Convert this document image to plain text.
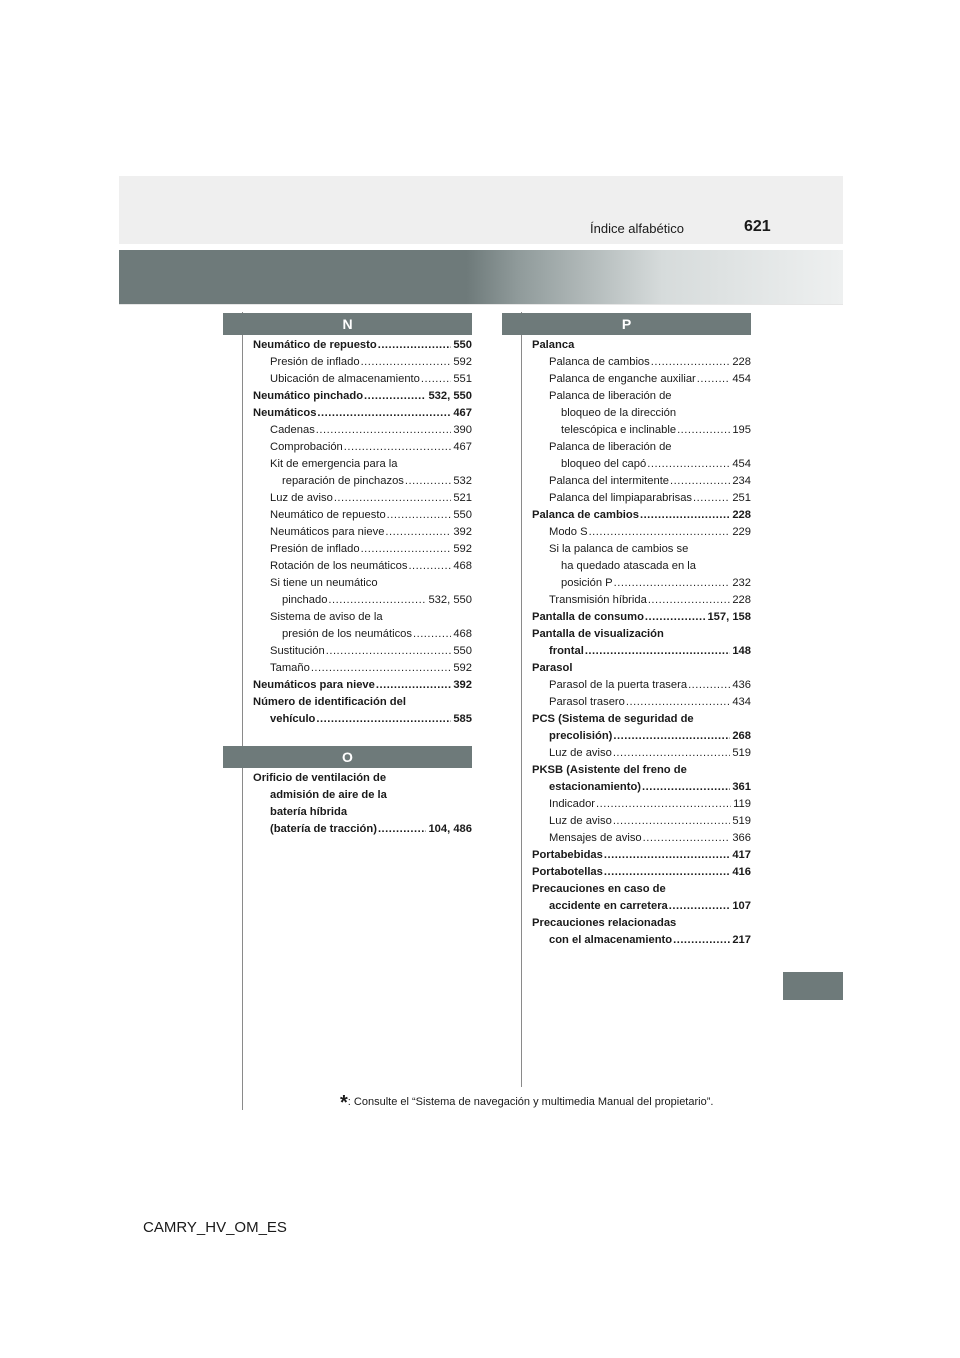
Índice alfabético	621
N
Neumático de repuesto .....	550
Presión de inflado .....	592
Ubicación de almacenamiento .....	551
Neumático pinchado .....	532, 550
Neumáticos .....	467
Cadenas .....	390
Comprobación .....	467
Kit de emergencia para la
reparación de pinchazos .....	532
Luz de aviso .....	521
Neumático de repuesto .....	550
Neumáticos para nieve .....	392
Presión de inflado .....	592
Rotación de los neumáticos .....	468
Si tiene un neumático
pinchado .....	532, 550
Sistema de aviso de la
presión de los neumáticos .....	468
Sustitución .....	550
Tamaño .....	592
Neumáticos para nieve .....	392
Número de identificación del
vehículo .....	585
O
Orificio de ventilación de
admisión de aire de la
batería híbrida
(batería de tracción) .....	104, 486
P
Palanca
Palanca de cambios .....	228
Palanca de enganche auxiliar .....	454
Palanca de liberación de
bloqueo de la dirección
telescópica e inclinable .....	195
Palanca de liberación de
bloqueo del capó .....	454
Palanca del intermitente .....	234
Palanca del limpiaparabrisas .....	251
Palanca de cambios .....	228
Modo S .....	229
Si la palanca de cambios se
ha quedado atascada en la
posición P .....	232
Transmisión híbrida .....	228
Pantalla de consumo .....	157, 158
Pantalla de visualización
frontal .....	148
Parasol
Parasol de la puerta trasera .....	436
Parasol trasero .....	434
PCS (Sistema de seguridad de
precolisión) .....	268
Luz de aviso .....	519
PKSB (Asistente del freno de
estacionamiento) .....	361
Indicador .....	119
Luz de aviso .....	519
Mensajes de aviso .....	366
Portabebidas .....	417
Portabotellas .....	416
Precauciones en caso de
accidente en carretera .....	107
Precauciones relacionadas
con el almacenamiento .....	217
*: Consulte el “Sistema de navegación y multimedia Manual del propietario”.
CAMRY_HV_OM_ES
